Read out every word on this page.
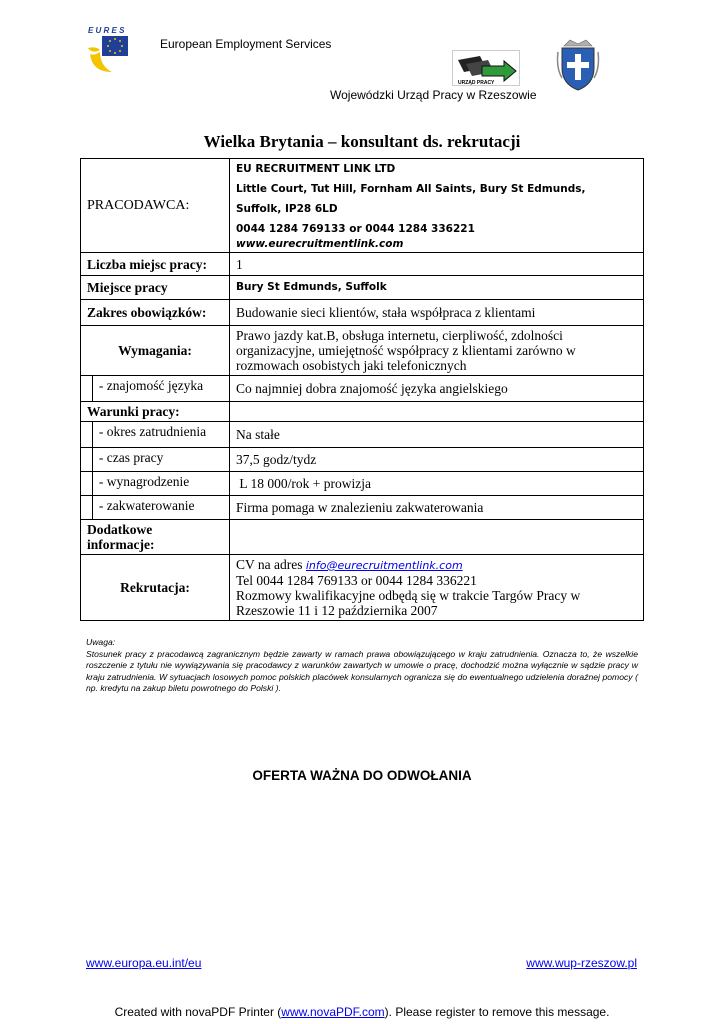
E U R E S
European Employment Services
URZĄD PRACY
Wojewódzki Urząd Pracy w Rzeszowie
Wielka Brytania – konsultant ds. rekrutacji
PRACODAWCA:		EU RECRUITMENT LINK LTD
Little Court, Tut Hill, Fornham All Saints, Bury St Edmunds,
Suffolk, IP28 6LD
0044 1284 769133 or 0044 1284 336221
www.eurecruitmentlink.com

Liczba miejsc pracy:		1
Miejsce pracy		Bury St Edmunds, Suffolk
Zakres obowiązków:		Budowanie sieci klientów, stała współpraca z klientami
Wymagania:		Prawo jazdy kat.B, obsługa internetu, cierpliwość, zdolności organizacyjne, umiejętność współpracy z klientami zarówno w rozmowach osobistych jaki telefonicznych
	- znajomość języka	Co najmniej dobra znajomość języka angielskiego
Warunki pracy:		
	- okres zatrudnienia	Na stałe
	- czas pracy	37,5 godz/tydz
	- wynagrodzenie	L 18 000/rok + prowizja
	- zakwaterowanie	Firma pomaga w znalezieniu zakwaterowania
Dodatkowe informacje:		
Rekrutacja:		CV na adres info@eurecruitmentlink.com
Tel 0044 1284 769133 or 0044 1284 336221
Rozmowy kwalifikacyjne odbędą się w trakcie Targów Pracy w Rzeszowie 11 i 12 października 2007
Uwaga:
Stosunek pracy z pracodawcą zagranicznym będzie zawarty w ramach prawa obowiązującego w kraju zatrudnienia. Oznacza to, że wszelkie roszczenie z tytułu nie wywiązywania się pracodawcy z warunków zawartych w umowie o pracę, dochodzić można wyłącznie w sądzie pracy w kraju zatrudnienia. W sytuacjach losowych pomoc polskich placówek konsularnych ogranicza się do ewentualnego udzielenia doraźnej pomocy ( np. kredytu na zakup biletu powrotnego do Polski ).
OFERTA WAŻNA DO ODWOŁANIA
www.europa.eu.int/eu	www.wup-rzeszow.pl
Created with novaPDF Printer (www.novaPDF.com). Please register to remove this message.
